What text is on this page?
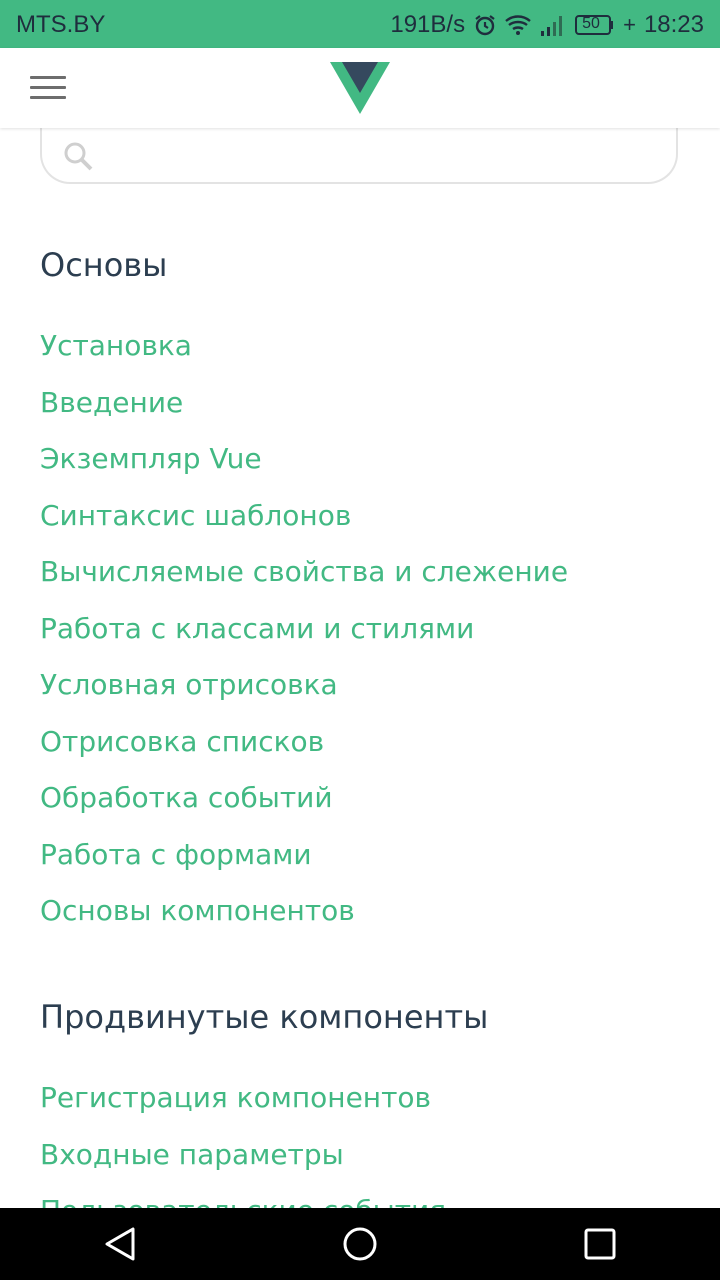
MTS.BY	191B/s	50 + 18:23
Основы
Установка
Введение
Экземпляр Vue
Синтаксис шаблонов
Вычисляемые свойства и слежение
Работа с классами и стилями
Условная отрисовка
Отрисовка списков
Обработка событий
Работа с формами
Основы компонентов
Продвинутые компоненты
Регистрация компонентов
Входные параметры
